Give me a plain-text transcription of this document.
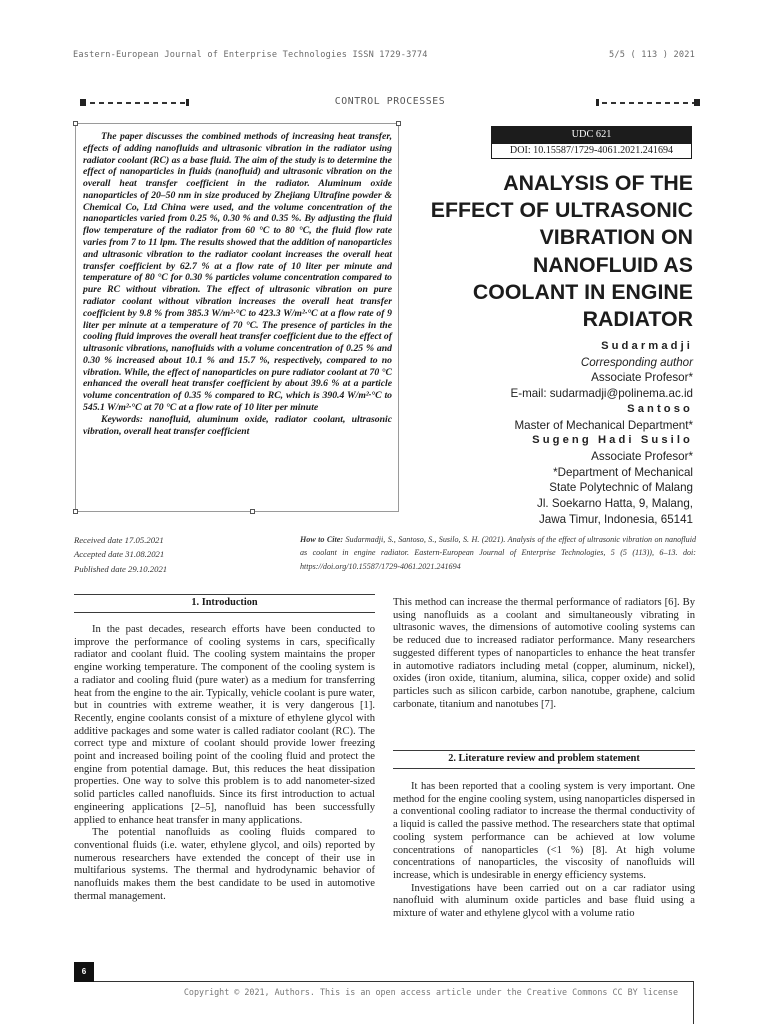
Eastern-European Journal of Enterprise Technologies ISSN 1729-3774	5/5 ( 113 ) 2021
CONTROL PROCESSES

The paper discusses the combined methods of increasing heat transfer, effects of adding nanofluids and ultrasonic vibration in the radiator using radiator coolant (RC) as a base fluid. The aim of the study is to determine the effect of nanoparticles in fluids (nanofluid) and ultrasonic vibration on the overall heat transfer coefficient in the radiator. Aluminum oxide nanoparticles of 20–50 nm in size produced by Zhejiang Ultrafine powder & Chemical Co, Ltd China were used, and the volume concentration of the nanoparticles varied from 0.25 %, 0.30 % and 0.35 %. By adjusting the fluid flow temperature of the radiator from 60 °C to 80 °C, the fluid flow rate varies from 7 to 11 lpm. The results showed that the addition of nanoparticles and ultrasonic vibration to the radiator coolant increases the overall heat transfer coefficient by 62.7 % at a flow rate of 10 liter per minute and temperature of 80 °C for 0.30 % particles volume concentration compared to pure RC without vibration. The effect of ultrasonic vibration on pure radiator coolant without vibration increases the overall heat transfer coefficient by 9.8 % from 385.3 W/m²·°C to 423.3 W/m²·°C at a flow rate of 9 liter per minute at a temperature of 70 °C. The presence of particles in the cooling fluid improves the overall heat transfer coefficient due to the effect of ultrasonic vibrations, nanofluids with a volume concentration of 0.25 % and 0.30 % increased about 10.1 % and 15.7 %, respectively, compared to no vibration. While, the effect of nanoparticles on pure radiator coolant at 70 °C enhanced the overall heat transfer coefficient by about 39.6 % at a particle volume concentration of 0.35 % compared to RC, which is 390.4 W/m²·°C to 545.1 W/m²·°C at 70 °C at a flow rate of 10 liter per minute

Keywords: nanofluid, aluminum oxide, radiator coolant, ultrasonic vibration, overall heat transfer coefficient

UDC 621
DOI: 10.15587/1729-4061.2021.241694
ANALYSIS OF THE
EFFECT OF ULTRASONIC
VIBRATION ON
NANOFLUID AS
COOLANT IN ENGINE
RADIATOR
Sudarmadji
Corresponding author
Associate Profesor*
E-mail: sudarmadji@polinema.ac.id
Santoso
Master of Mechanical Department*
Sugeng Hadi Susilo
Associate Profesor*
*Department of Mechanical
State Polytechnic of Malang
Jl. Soekarno Hatta, 9, Malang,
Jawa Timur, Indonesia, 65141
Received date 17.05.2021
Accepted date 31.08.2021
Published date 29.10.2021
How to Cite: Sudarmadji, S., Santoso, S., Susilo, S. H. (2021). Analysis of the effect of ultrasonic vibration on nanofluid as coolant in engine radiator. Eastern-European Journal of Enterprise Technologies, 5 (5 (113)), 6–13. doi: https://doi.org/10.15587/1729-4061.2021.241694
1. Introduction

In the past decades, research efforts have been conducted to improve the performance of cooling systems in cars, specifically radiator and coolant fluid. The cooling system maintains the proper engine working temperature. The component of the cooling system is a radiator and cooling fluid (pure water) as a medium for transferring heat from the engine to the air. Typically, vehicle coolant is pure water, but in countries with extreme weather, it is very dangerous [1]. Recently, engine coolants consist of a mixture of ethylene glycol with additive packages and some water is called radiator coolant (RC). The correct type and mixture of coolant should provide lower freezing point and increased boiling point of the cooling fluid and protect the engine from potential damage. But, this reduces the heat dissipation properties. One way to solve this problem is to add nanometer-sized solid particles called nanofluids. Since its first introduction to actual engineering applications [2–5], nanofluid has been successfully applied to enhance heat transfer in many applications.

The potential nanofluids as cooling fluids compared to conventional fluids (i.e. water, ethylene glycol, and oils) reported by numerous researchers have extended the concept of their use in multifarious systems. The thermal and hydrodynamic behavior of nanofluids makes them the best candidate to be used in automotive thermal management.

This method can increase the thermal performance of radiators [6]. By using nanofluids as a coolant and simultaneously vibrating in ultrasonic waves, the dimensions of automotive cooling systems can be reduced due to increased radiator performance. Many researchers suggested different types of nanoparticles to enhance the heat transfer in automotive radiators including metal (copper, aluminum, nickel), oxides (iron oxide, titanium, alumina, silica, copper oxide) and solid particles such as silicon carbide, carbon nanotube, graphene, calcium carbonate, titanium and nanotubes [7].

2. Literature review and problem statement

It has been reported that a cooling system is very important. One method for the engine cooling system, using nanoparticles dispersed in a conventional cooling radiator to increase the thermal conductivity of a liquid is called the passive method. The researchers state that optimal cooling system performance can be achieved at low volume concentrations of nanoparticles (<1 %) [8]. At high volume concentrations of nanoparticles, the viscosity of nanofluids will increase, which is undesirable in energy efficiency systems.

Investigations have been carried out on a car radiator using nanofluid with aluminum oxide particles and base fluid using a mixture of water and ethylene glycol with a volume ratio

6
Copyright © 2021, Authors. This is an open access article under the Creative Commons CC BY license
